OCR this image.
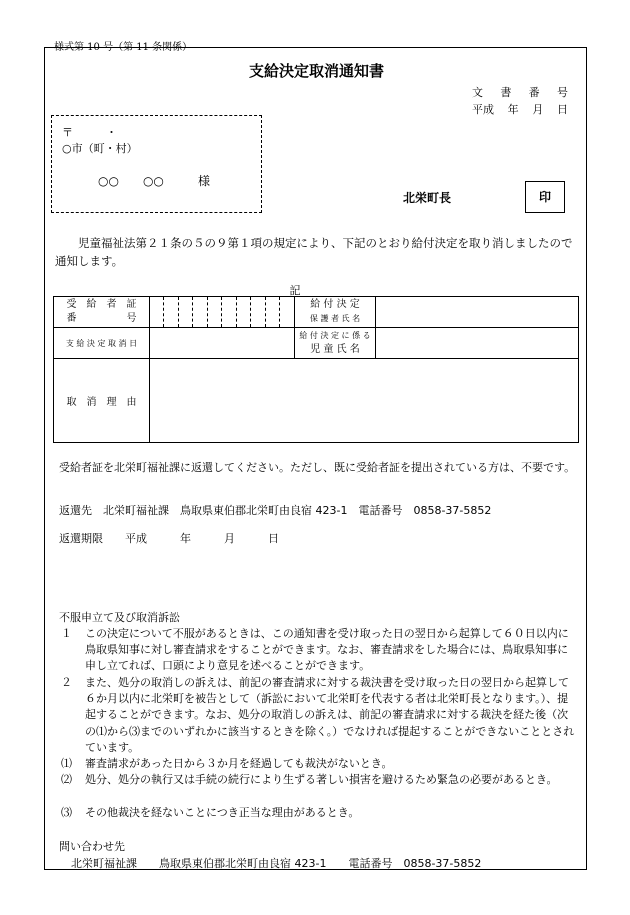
様式第 10 号（第 11 条関係）
支給決定取消通知書
文 書 番 号
平成 年 月 日
〒　　　・
○市（町・村）
○○　　○○	様
北栄町長	印
児童福祉法第２１条の５の９第１項の規定により、下記のとおり給付決定を取り消しましたので通知します。
記
受　給　者　証
番　　　　　号		給 付 決 定
保 護 者 氏 名	

支 給 決 定 取 消 日		給 付 決 定 に 係 る
児 童 氏 名	

取　消　理　由			
受給者証を北栄町福祉課に返還してください。ただし、既に受給者証を提出されている方は、不要です。
返還先　北栄町福祉課　鳥取県東伯郡北栄町由良宿 423-1　電話番号　0858-37-5852
返還期限　　平成　　　年　　　月　　　日
不服申立て及び取消訴訟
１ この決定について不服があるときは、この通知書を受け取った日の翌日から起算して６０日以内に鳥取県知事に対し審査請求をすることができます。なお、審査請求をした場合には、鳥取県知事に申し立てれば、口頭により意見を述べることができます。
２ また、処分の取消しの訴えは、前記の審査請求に対する裁決書を受け取った日の翌日から起算して６か月以内に北栄町を被告として（訴訟において北栄町を代表する者は北栄町長となります。）、提起することができます。なお、処分の取消しの訴えは、前記の審査請求に対する裁決を経た後（次の⑴から⑶までのいずれかに該当するときを除く。）でなければ提起することができないこととされています。
⑴ 審査請求があった日から３か月を経過しても裁決がないとき。
⑵ 処分、処分の執行又は手続の続行により生ずる著しい損害を避けるため緊急の必要があるとき。
⑶ その他裁決を経ないことにつき正当な理由があるとき。
問い合わせ先
北栄町福祉課　　鳥取県東伯郡北栄町由良宿 423-1　　電話番号　0858-37-5852
